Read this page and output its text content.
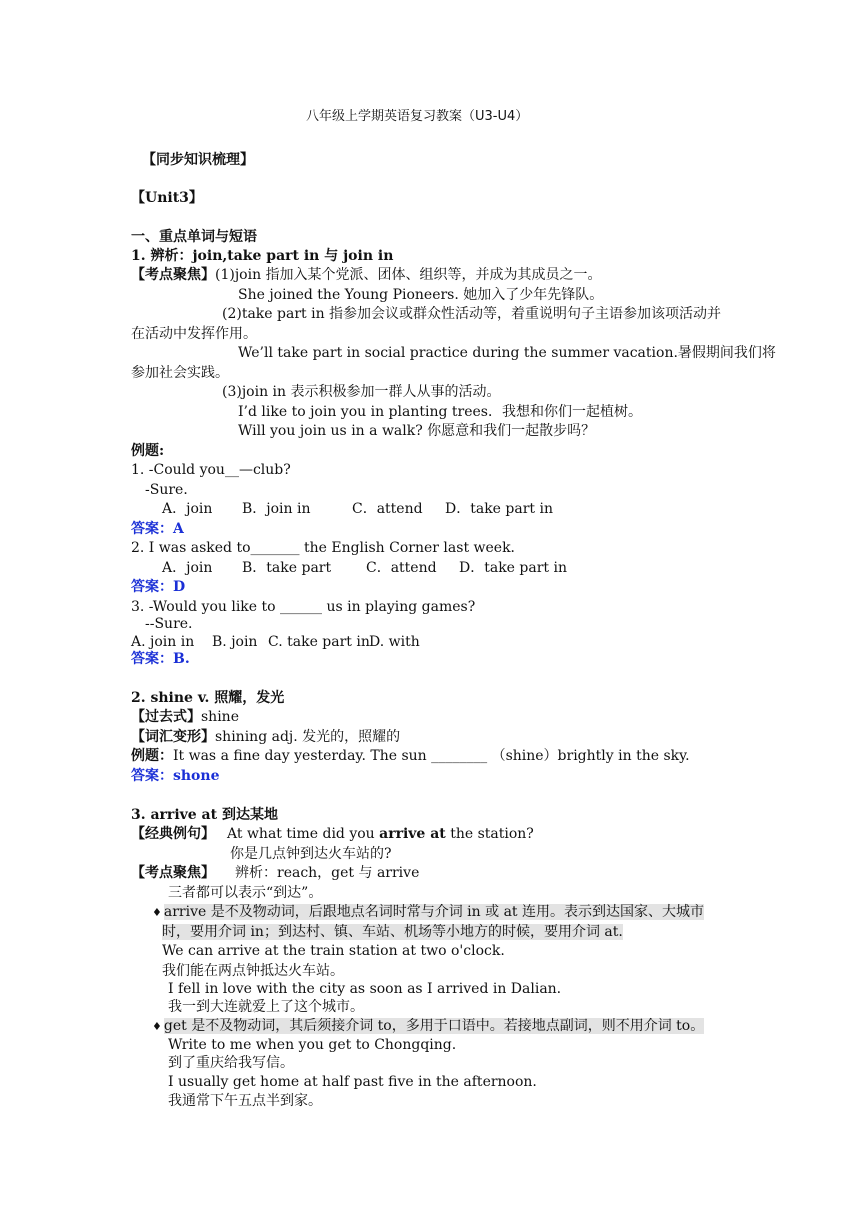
八年级上学期英语复习教案（U3-U4）
【同步知识梳理】
【Unit3】
一、重点单词与短语
1. 辨析：join,take part in 与 join in
【考点聚焦】(1)join 指加入某个党派、团体、组织等，并成为其成员之一。
She joined the Young Pioneers. 她加入了少年先锋队。
(2)take part in 指参加会议或群众性活动等，着重说明句子主语参加该项活动并
在活动中发挥作用。
We’ll take part in social practice during the summer vacation.暑假期间我们将
参加社会实践。
(3)join in 表示积极参加一群人从事的活动。
I’d like to join you in planting trees．我想和你们一起植树。
Will you join us in a walk? 你愿意和我们一起散步吗？
例题:
1. -Could you__—club?
-Sure．
A．join B．join in	C．attend D．take part in
答案：A
2. I was asked to_______ the English Corner last week．
A．join B．take part C．attend D．take part in
答案：D
3. -Would you like to ______ us in playing games?
--Sure.
A. join in B. join C. take part in D. with
答案：B.
2. shine v. 照耀，发光
【过去式】shine
【词汇变形】shining adj. 发光的，照耀的
例题：It was a fine day yesterday. The sun ________ （shine）brightly in the sky.
答案：shone
3. arrive at 到达某地
【经典例句】 At what time did you arrive at the station?
你是几点钟到达火车站的?
【考点聚焦】 辨析：reach，get 与 arrive
三者都可以表示“到达”。
♦ arrive 是不及物动词，后跟地点名词时常与介词 in 或 at 连用。表示到达国家、大城市
时，要用介词 in；到达村、镇、车站、机场等小地方的时候，要用介词 at.
We can arrive at the train station at two o'clock.
我们能在两点钟抵达火车站。
I fell in love with the city as soon as I arrived in Dalian.
我一到大连就爱上了这个城市。
♦ get 是不及物动词，其后须接介词 to，多用于口语中。若接地点副词，则不用介词 to。
Write to me when you get to Chongqing.
到了重庆给我写信。
I usually get home at half past five in the afternoon.
我通常下午五点半到家。
